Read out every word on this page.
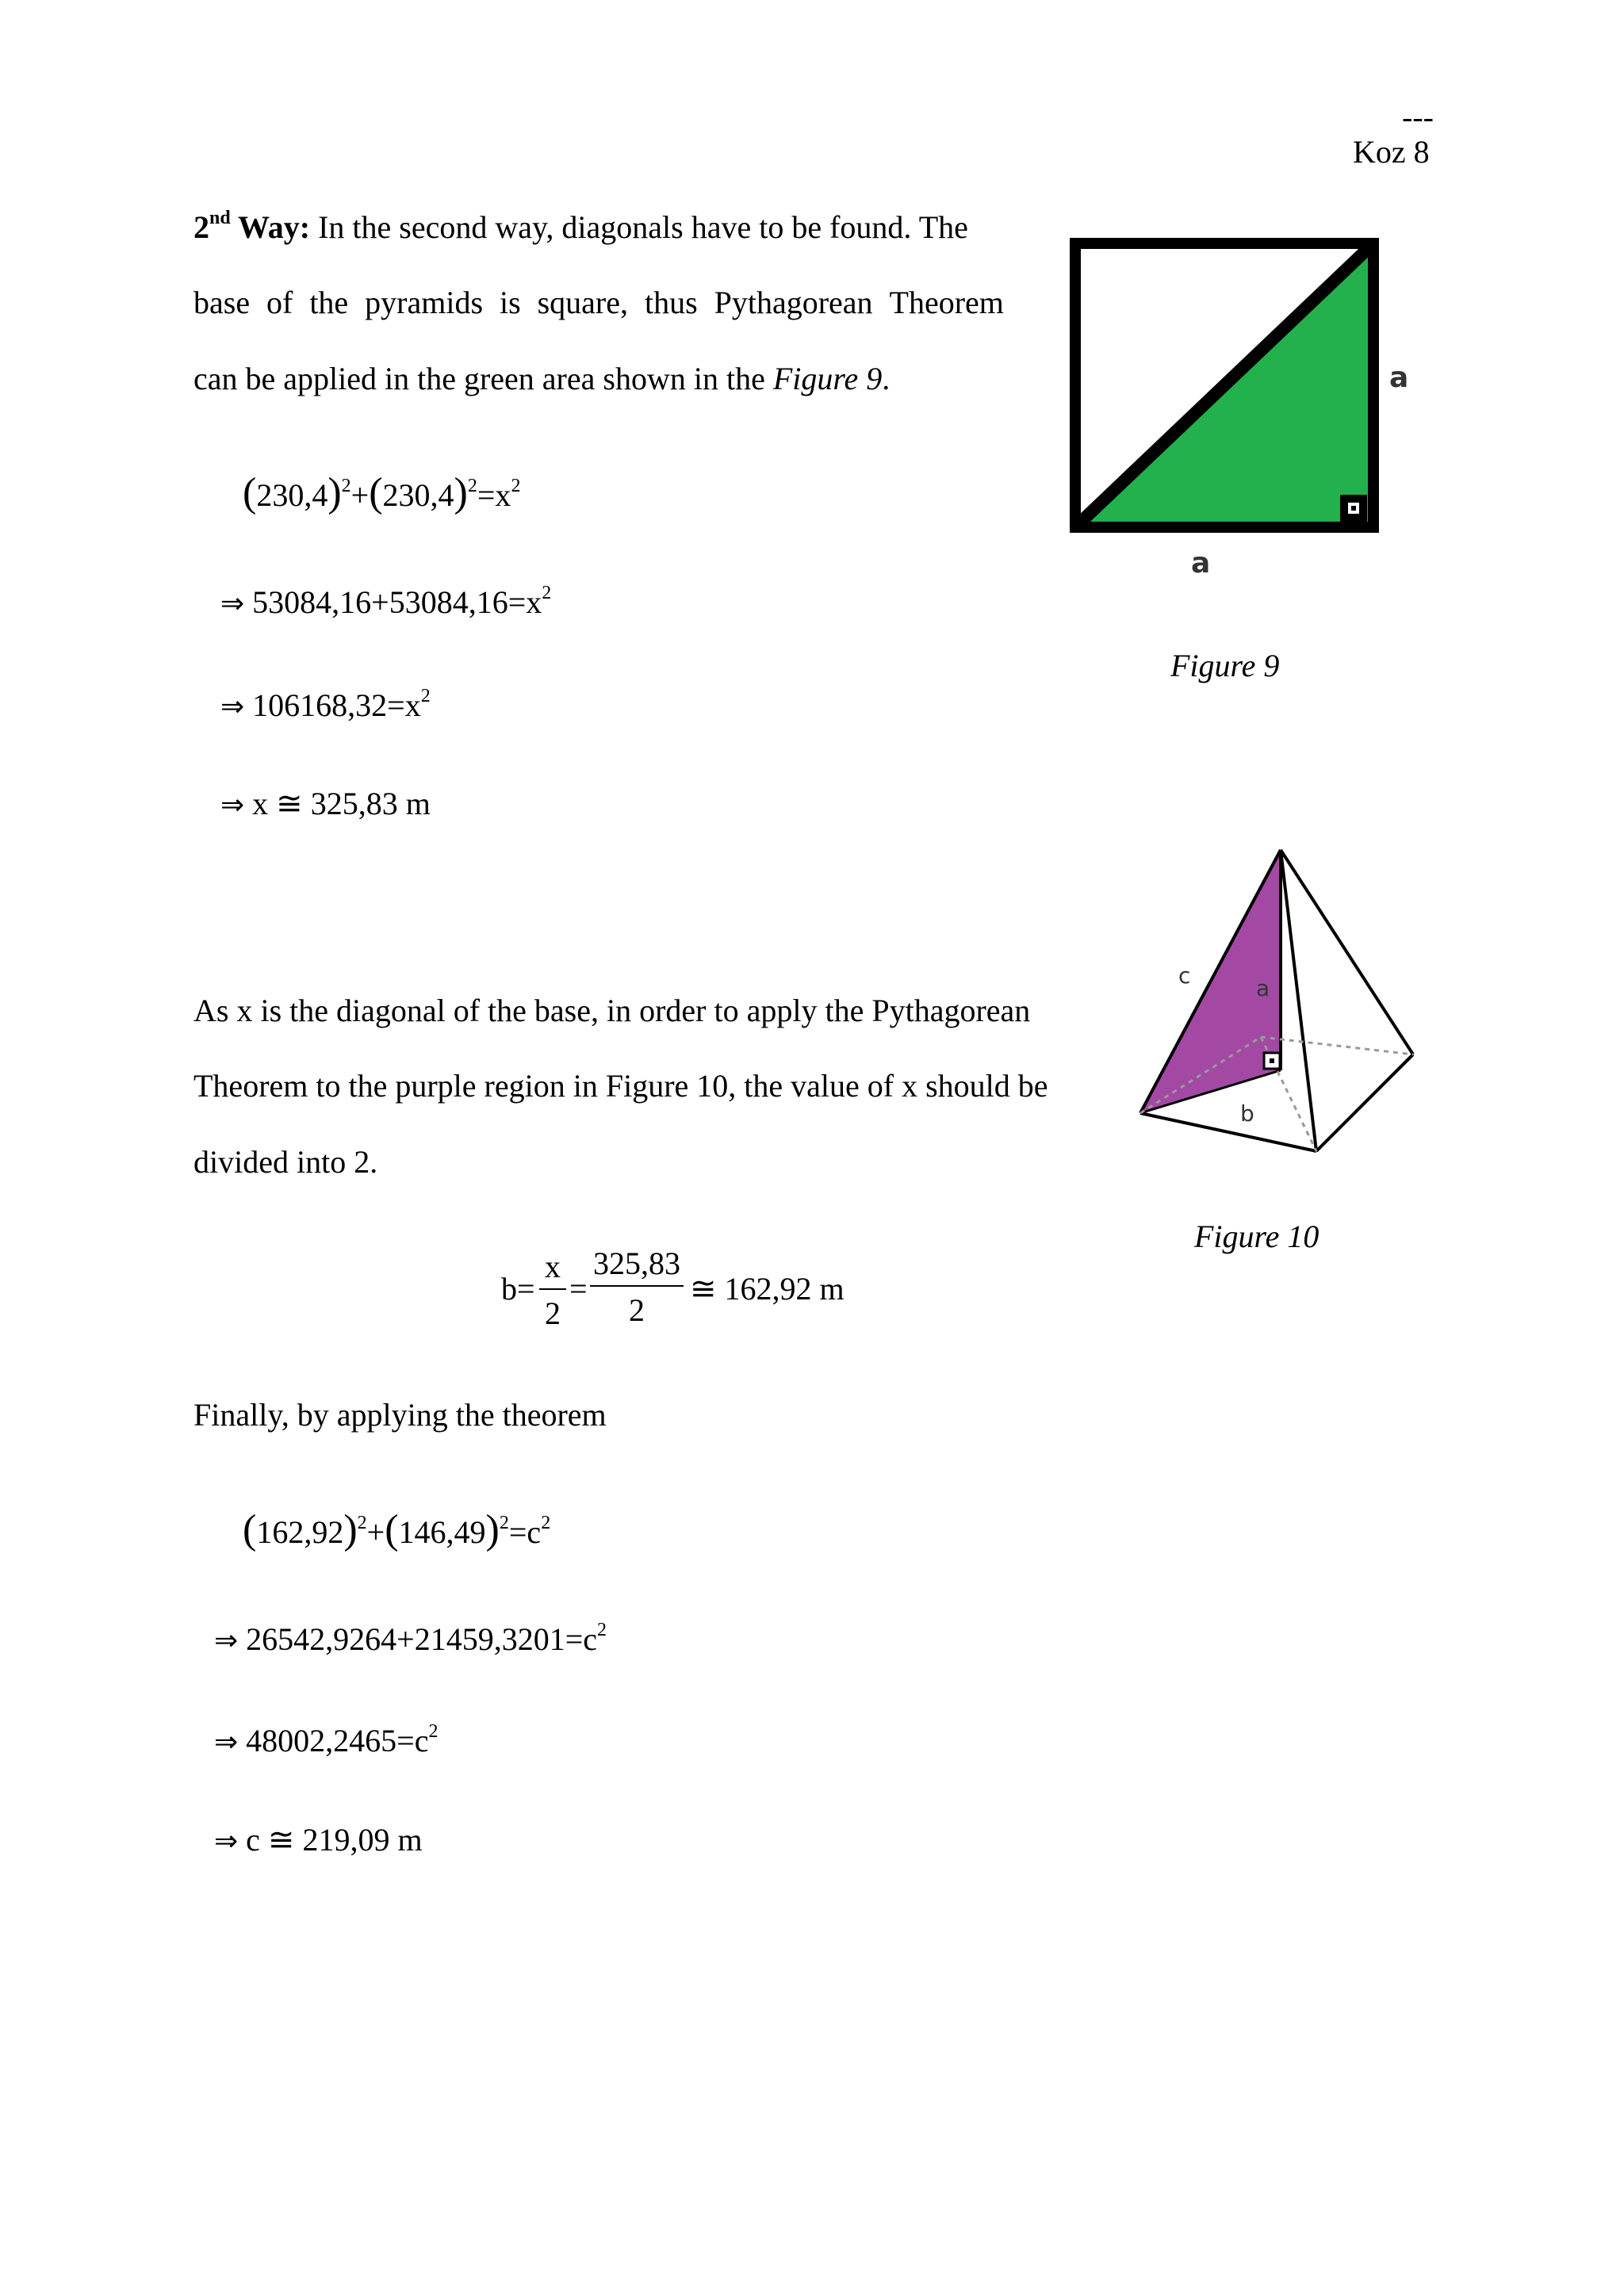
---
Koz 8
2nd Way: In the second way, diagonals have to be found. The
base of the pyramids is square, thus Pythagorean Theorem
can be applied in the green area shown in the Figure 9.
$(230,4)^2+(230,4)^2=x^2$
⇒ $53084,16+53084,16=x^2$
⇒ $106168,32=x^2$
⇒ x ≅ 325,83 m
As x is the diagonal of the base, in order to apply the Pythagorean
Theorem to the purple region in Figure 10, the value of x should be
divided into 2.
b=
x
2
=
325,83
2
≅ 162,92 m
Finally, by applying the theorem
$(162,92)^2+(146,49)^2=c^2$
⇒ $26542,9264+21459,3201=c^2$
⇒ $48002,2465=c^2$
⇒ c ≅ 219,09 m
a
a
Figure 9
c	a
b
Figure 10
